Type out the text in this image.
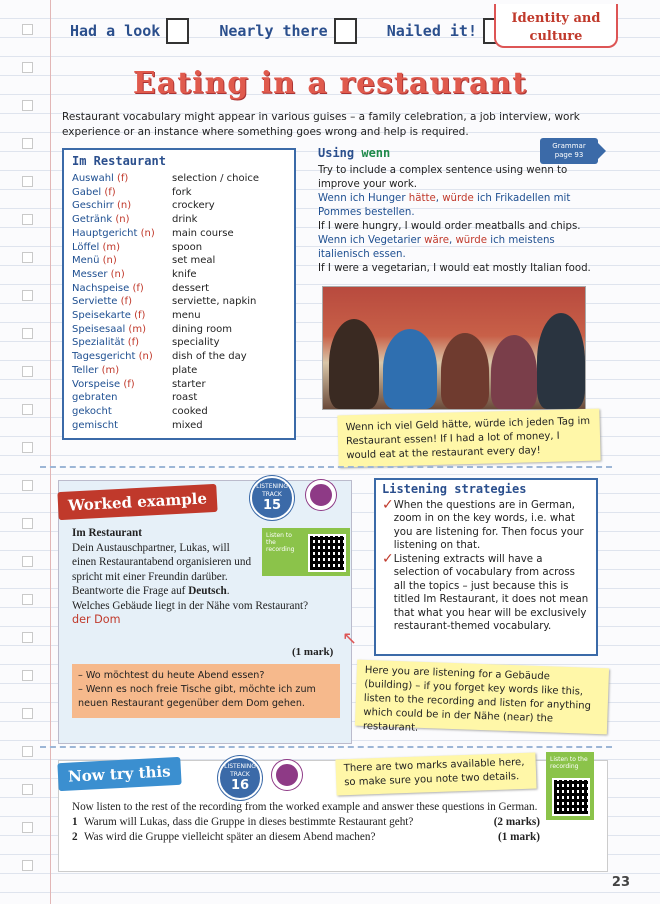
Had a look	Nearly there	Nailed it!
Identity and
culture
Eating in a restaurant
Restaurant vocabulary might appear in various guises – a family celebration, a job interview, work experience or an instance where something goes wrong and help is required.
Im Restaurant
Auswahl (f)	selection / choice
Gabel (f)	fork
Geschirr (n)	crockery
Getränk (n)	drink
Hauptgericht (n)	main course
Löffel (m)	spoon
Menü (n)	set meal
Messer (n)	knife
Nachspeise (f)	dessert
Serviette (f)	serviette, napkin
Speisekarte (f)	menu
Speisesaal (m)	dining room
Spezialität (f)	speciality
Tagesgericht (n)	dish of the day
Teller (m)	plate
Vorspeise (f)	starter
gebraten	roast
gekocht	cooked
gemischt	mixed
Grammar
page 93
Using wenn
Try to include a complex sentence using wenn to improve your work.
Wenn ich Hunger hätte, würde ich Frikadellen mit Pommes bestellen.
If I were hungry, I would order meatballs and chips.
Wenn ich Vegetarier wäre, würde ich meistens italienisch essen.
If I were a vegetarian, I would eat mostly Italian food.
Wenn ich viel Geld hätte, würde ich jeden Tag im Restaurant essen! If I had a lot of money, I would eat at the restaurant every day!
Worked example
LISTENING
TRACK
15
Listen to the recording
Im Restaurant
Dein Austauschpartner, Lukas, will einen Restaurantabend organisieren und spricht mit einer Freundin darüber.
Beantworte die Frage auf Deutsch.
Welches Gebäude liegt in der Nähe vom Restaurant?
der Dom
(1 mark)
– Wo möchtest du heute Abend essen?
– Wenn es noch freie Tische gibt, möchte ich zum neuen Restaurant gegenüber dem Dom gehen.
↖
Listening strategies
✓ When the questions are in German, zoom in on the key words, i.e. what you are listening for. Then focus your listening on that.
✓ Listening extracts will have a selection of vocabulary from across all the topics – just because this is titled Im Restaurant, it does not mean that what you hear will be exclusively restaurant-themed vocabulary.
Here you are listening for a Gebäude (building) – if you forget key words like this, listen to the recording and listen for anything which could be in der Nähe (near) the restaurant.
Now try this	LISTENING
TRACK
16
There are two marks available here, so make sure you note two details.
Listen to the recording
Now listen to the rest of the recording from the worked example and answer these questions in German.
1 Warum will Lukas, dass die Gruppe in dieses bestimmte Restaurant geht?	(2 marks)
2 Was wird die Gruppe vielleicht später an diesem Abend machen?	(1 mark)
23
